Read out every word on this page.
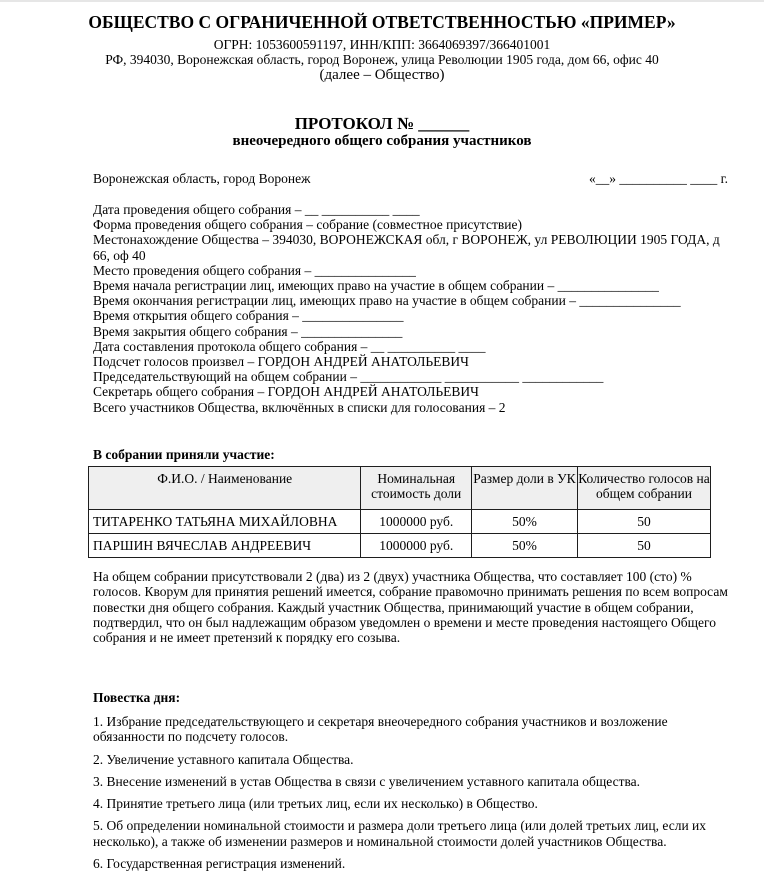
ОБЩЕСТВО С ОГРАНИЧЕННОЙ ОТВЕТСТВЕННОСТЬЮ «ПРИМЕР»
ОГРН: 1053600591197, ИНН/КПП: 3664069397/366401001
РФ, 394030, Воронежская область, город Воронеж, улица Революции 1905 года, дом 66, офис 40
(далее – Общество)
ПРОТОКОЛ № ______
внеочередного общего собрания участников
Воронежская область, город Воронеж	«__» __________ ____ г.
Дата проведения общего собрания – __ __________ ____
Форма проведения общего собрания – собрание (совместное присутствие)
Местонахождение Общества – 394030, ВОРОНЕЖСКАЯ обл, г ВОРОНЕЖ, ул РЕВОЛЮЦИИ 1905 ГОДА, д 66, оф 40
Место проведения общего собрания – _______________
Время начала регистрации лиц, имеющих право на участие в общем собрании – _______________
Время окончания регистрации лиц, имеющих право на участие в общем собрании – _______________
Время открытия общего собрания – _______________
Время закрытия общего собрания – _______________
Дата составления протокола общего собрания – __ __________ ____
Подсчет голосов произвел – ГОРДОН АНДРЕЙ АНАТОЛЬЕВИЧ
Председательствующий на общем собрании – ____________ ___________ ____________
Секретарь общего собрания – ГОРДОН АНДРЕЙ АНАТОЛЬЕВИЧ
Всего участников Общества, включённых в списки для голосования – 2
В собрании приняли участие:
Ф.И.О. / Наименование	Номинальная стоимость доли	Размер доли в УК	Количество голосов на общем собрании
ТИТАРЕНКО ТАТЬЯНА МИХАЙЛОВНА	1000000 руб.	50%	50
ПАРШИН ВЯЧЕСЛАВ АНДРЕЕВИЧ	1000000 руб.	50%	50
На общем собрании присутствовали 2 (два) из 2 (двух) участника Общества, что составляет 100 (сто) % голосов. Кворум для принятия решений имеется, собрание правомочно принимать решения по всем вопросам повестки дня общего собрания. Каждый участник Общества, принимающий участие в общем собрании, подтвердил, что он был надлежащим образом уведомлен о времени и месте проведения настоящего Общего собрания и не имеет претензий к порядку его созыва.
Повестка дня:
1. Избрание председательствующего и секретаря внеочередного собрания участников и возложение обязанности по подсчету голосов.
2. Увеличение уставного капитала Общества.
3. Внесение изменений в устав Общества в связи с увеличением уставного капитала общества.
4. Принятие третьего лица (или третьих лиц, если их несколько) в Общество.
5. Об определении номинальной стоимости и размера доли третьего лица (или долей третьих лиц, если их несколько), а также об изменении размеров и номинальной стоимости долей участников Общества.
6. Государственная регистрация изменений.
